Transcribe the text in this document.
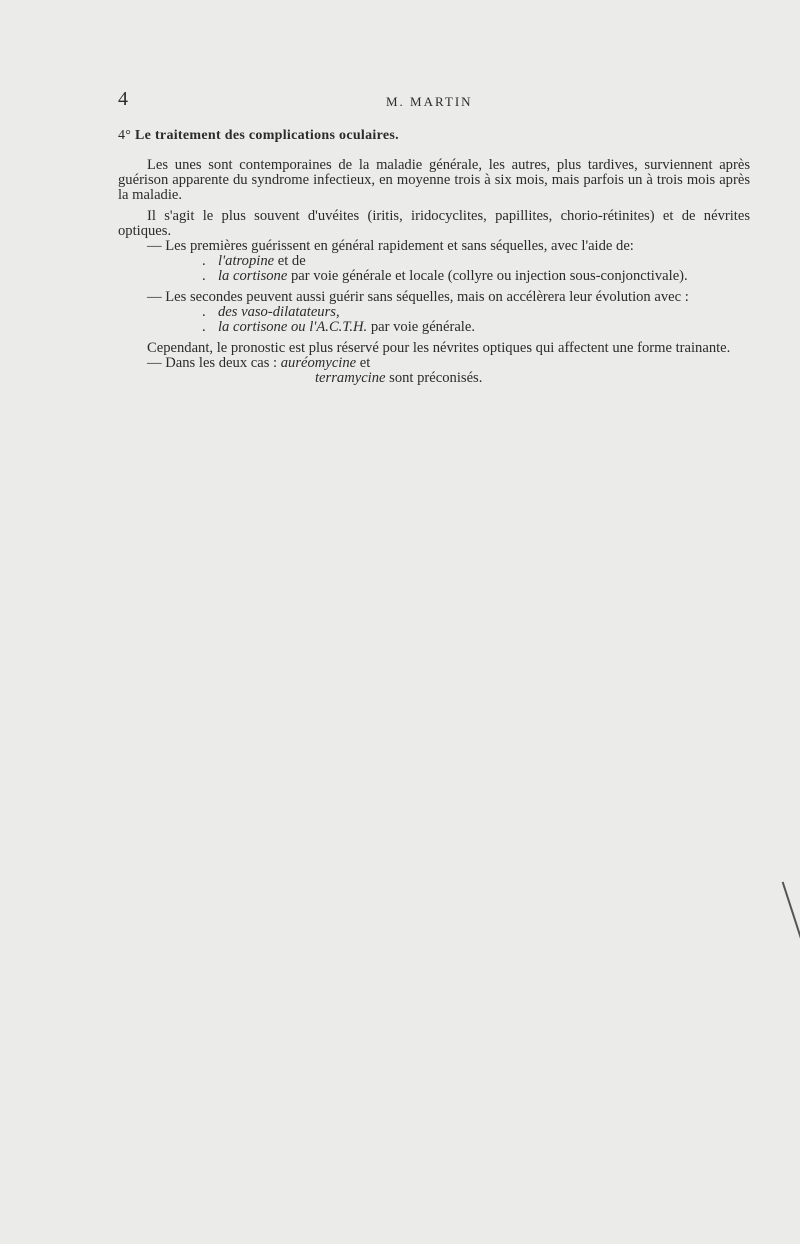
4	M. MARTIN
4° Le traitement des complications oculaires.

Les unes sont contemporaines de la maladie générale, les autres, plus tardives, surviennent après guérison apparente du syndrome infectieux, en moyenne trois à six mois, mais parfois un à trois mois après la maladie.

Il s'agit le plus souvent d'uvéites (iritis, iridocyclites, papillites, chorio-rétinites) et de névrites optiques.

— Les premières guérissent en général rapidement et sans séquelles, avec l'aide de:

. l'atropine et de
. la cortisone par voie générale et locale (collyre ou injection sous-conjonctivale).

— Les secondes peuvent aussi guérir sans séquelles, mais on accélèrera leur évolution avec :

. des vaso-dilatateurs,
. la cortisone ou l'A.C.T.H. par voie générale.

Cependant, le pronostic est plus réservé pour les névrites optiques qui affectent une forme trainante.

— Dans les deux cas : auréomycine et
terramycine sont préconisés.
